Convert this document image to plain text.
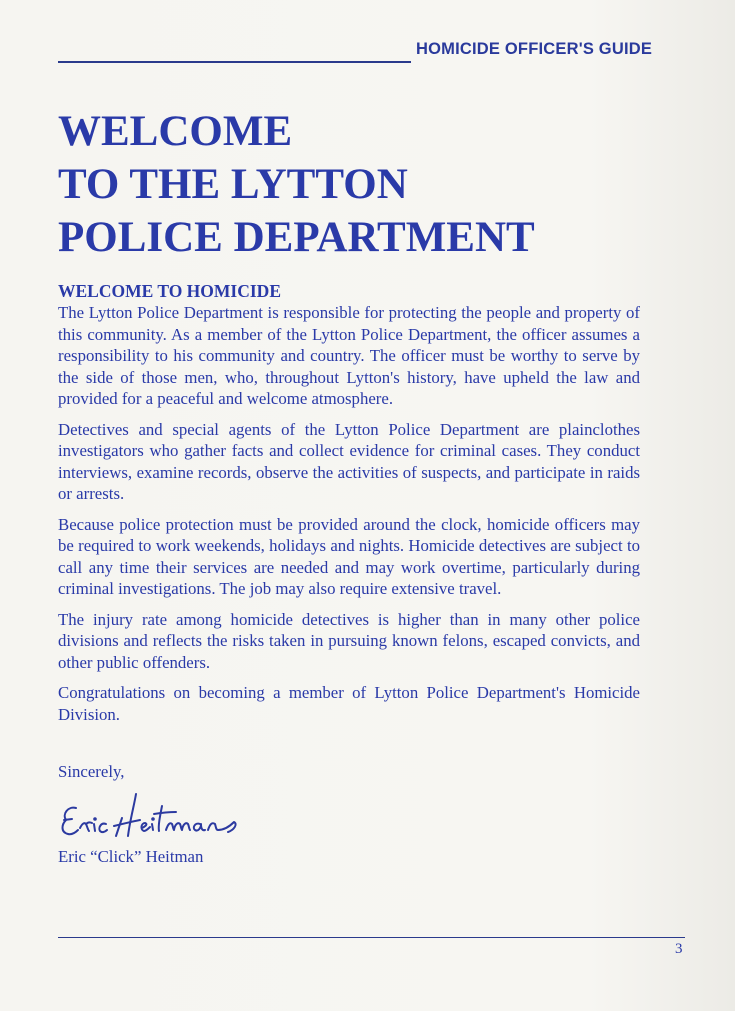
HOMICIDE OFFICER'S GUIDE
WELCOME
TO THE LYTTON
POLICE DEPARTMENT
WELCOME TO HOMICIDE

The Lytton Police Department is responsible for protecting the people and property of this community. As a member of the Lytton Police Department, the officer assumes a responsibility to his community and country. The officer must be worthy to serve by the side of those men, who, throughout Lytton's history, have upheld the law and provided for a peaceful and welcome atmosphere.

Detectives and special agents of the Lytton Police Department are plainclothes investigators who gather facts and collect evidence for criminal cases. They conduct interviews, examine records, observe the activities of suspects, and participate in raids or arrests.

Because police protection must be provided around the clock, homicide officers may be required to work weekends, holidays and nights. Homicide detectives are subject to call any time their services are needed and may work overtime, particularly during criminal investigations. The job may also require extensive travel.

The injury rate among homicide detectives is higher than in many other police divisions and reflects the risks taken in pursuing known felons, escaped convicts, and other public offenders.

Congratulations on becoming a member of Lytton Police Department's Homicide Division.

Sincerely,
Eric “Click” Heitman
3
